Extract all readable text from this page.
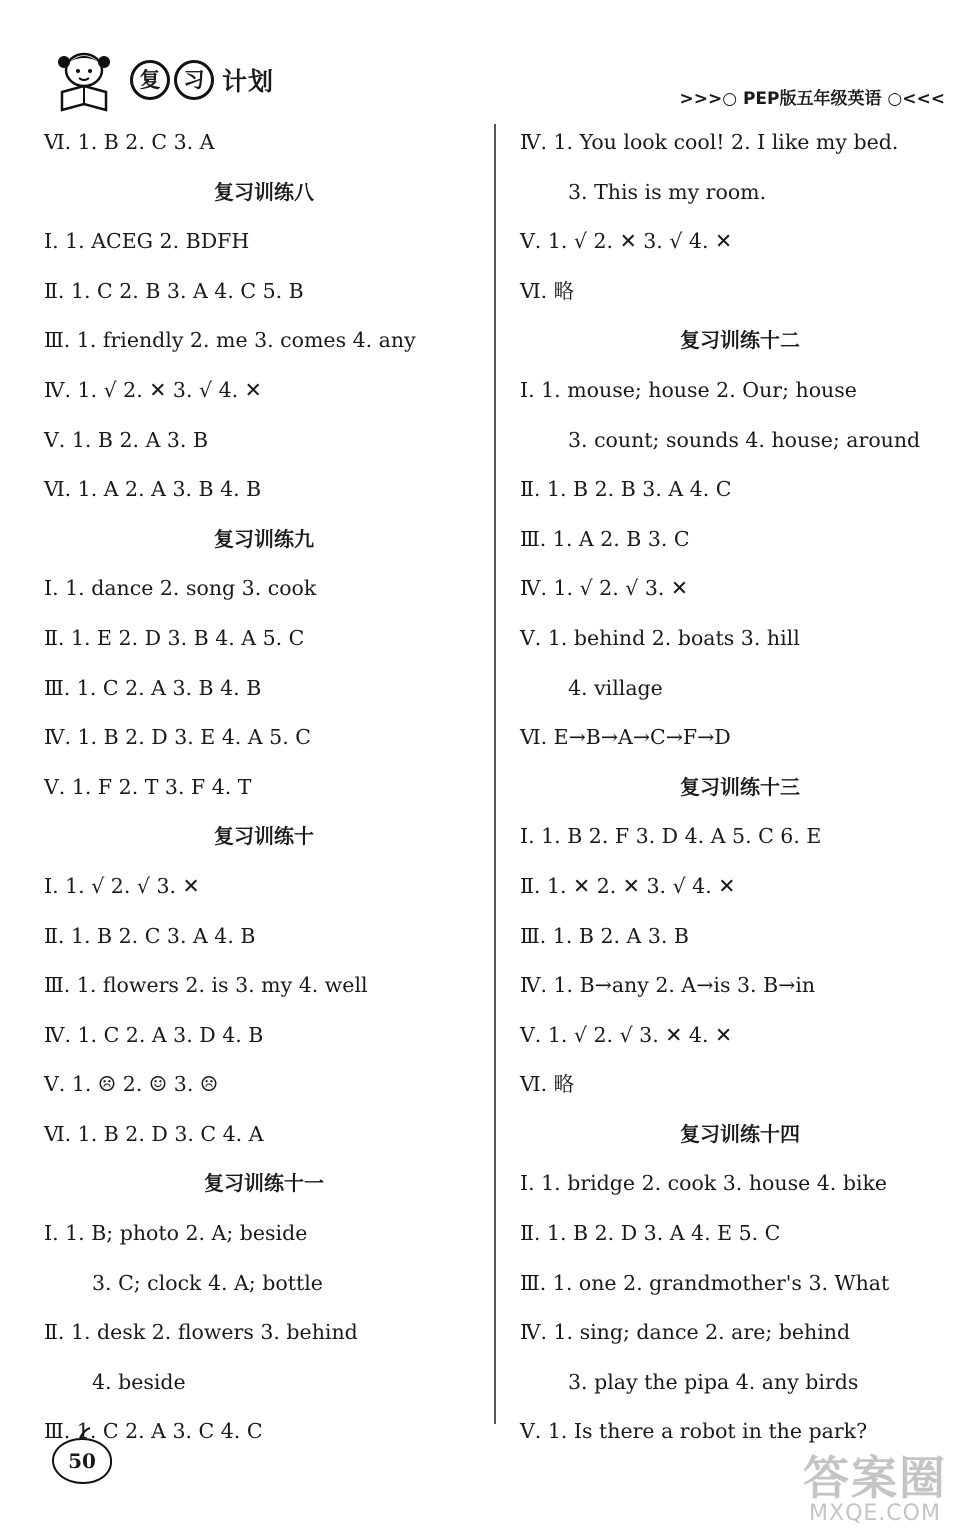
复	习 计划
>>>○ PEP版五年级英语 ○<<<
Ⅵ. 1. B 2. C 3. A
复习训练八
Ⅰ. 1. ACEG 2. BDFH
Ⅱ. 1. C 2. B 3. A 4. C 5. B
Ⅲ. 1. friendly 2. me 3. comes 4. any
Ⅳ. 1. √ 2. ✕ 3. √ 4. ✕
Ⅴ. 1. B 2. A 3. B
Ⅵ. 1. A 2. A 3. B 4. B
复习训练九
Ⅰ. 1. dance 2. song 3. cook
Ⅱ. 1. E 2. D 3. B 4. A 5. C
Ⅲ. 1. C 2. A 3. B 4. B
Ⅳ. 1. B 2. D 3. E 4. A 5. C
Ⅴ. 1. F 2. T 3. F 4. T
复习训练十
Ⅰ. 1. √ 2. √ 3. ✕
Ⅱ. 1. B 2. C 3. A 4. B
Ⅲ. 1. flowers 2. is 3. my 4. well
Ⅳ. 1. C 2. A 3. D 4. B
Ⅴ. 1. ☹ 2. ☺ 3. ☹
Ⅵ. 1. B 2. D 3. C 4. A
复习训练十一
Ⅰ. 1. B; photo 2. A; beside
3. C; clock 4. A; bottle
Ⅱ. 1. desk 2. flowers 3. behind
4. beside
Ⅲ. 1. C 2. A 3. C 4. C
Ⅳ. 1. You look cool! 2. I like my bed.
3. This is my room.
Ⅴ. 1. √ 2. ✕ 3. √ 4. ✕
Ⅵ. 略
复习训练十二
Ⅰ. 1. mouse; house 2. Our; house
3. count; sounds 4. house; around
Ⅱ. 1. B 2. B 3. A 4. C
Ⅲ. 1. A 2. B 3. C
Ⅳ. 1. √ 2. √ 3. ✕
Ⅴ. 1. behind 2. boats 3. hill
4. village
Ⅵ. E→B→A→C→F→D
复习训练十三
Ⅰ. 1. B 2. F 3. D 4. A 5. C 6. E
Ⅱ. 1. ✕ 2. ✕ 3. √ 4. ✕
Ⅲ. 1. B 2. A 3. B
Ⅳ. 1. B→any 2. A→is 3. B→in
Ⅴ. 1. √ 2. √ 3. ✕ 4. ✕
Ⅵ. 略
复习训练十四
Ⅰ. 1. bridge 2. cook 3. house 4. bike
Ⅱ. 1. B 2. D 3. A 4. E 5. C
Ⅲ. 1. one 2. grandmother's 3. What
Ⅳ. 1. sing; dance 2. are; behind
3. play the pipa 4. any birds
Ⅴ. 1. Is there a robot in the park?
50	答案圈
MXQE.COM
